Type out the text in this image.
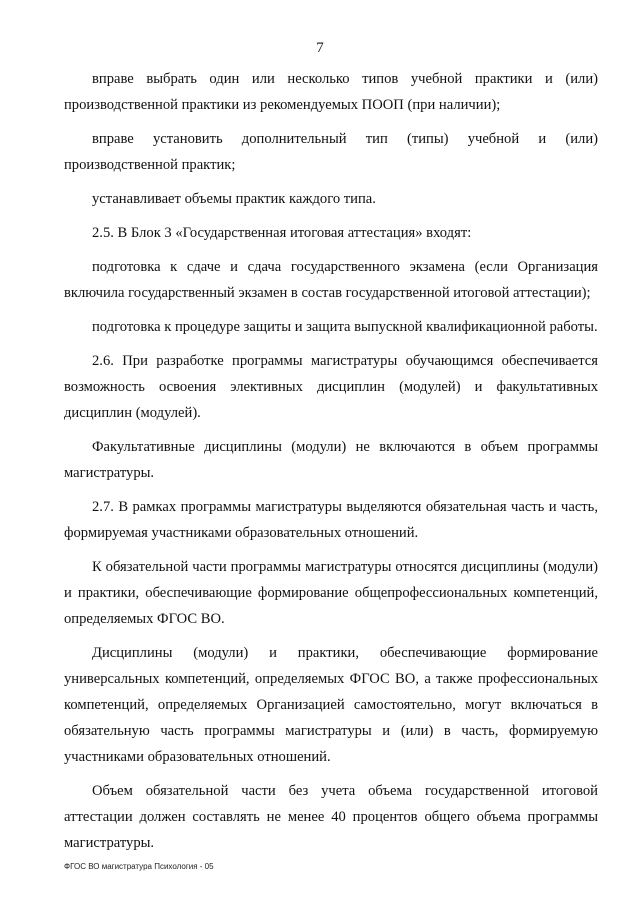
7

вправе выбрать один или несколько типов учебной практики и (или) производственной практики из рекомендуемых ПООП (при наличии);

вправе установить дополнительный тип (типы) учебной и (или) производственной практик;

устанавливает объемы практик каждого типа.

2.5. В Блок 3 «Государственная итоговая аттестация» входят:

подготовка к сдаче и сдача государственного экзамена (если Организация включила государственный экзамен в состав государственной итоговой аттестации);

подготовка к процедуре защиты и защита выпускной квалификационной работы.

2.6. При разработке программы магистратуры обучающимся обеспечивается возможность освоения элективных дисциплин (модулей) и факультативных дисциплин (модулей).

Факультативные дисциплины (модули) не включаются в объем программы магистратуры.

2.7. В рамках программы магистратуры выделяются обязательная часть и часть, формируемая участниками образовательных отношений.

К обязательной части программы магистратуры относятся дисциплины (модули) и практики, обеспечивающие формирование общепрофессиональных компетенций, определяемых ФГОС ВО.

Дисциплины (модули) и практики, обеспечивающие формирование универсальных компетенций, определяемых ФГОС ВО, а также профессиональных компетенций, определяемых Организацией самостоятельно, могут включаться в обязательную часть программы магистратуры и (или) в часть, формируемую участниками образовательных отношений.

Объем обязательной части без учета объема государственной итоговой аттестации должен составлять не менее 40 процентов общего объема программы магистратуры.

ФГОС ВО магистратура Психология - 05
